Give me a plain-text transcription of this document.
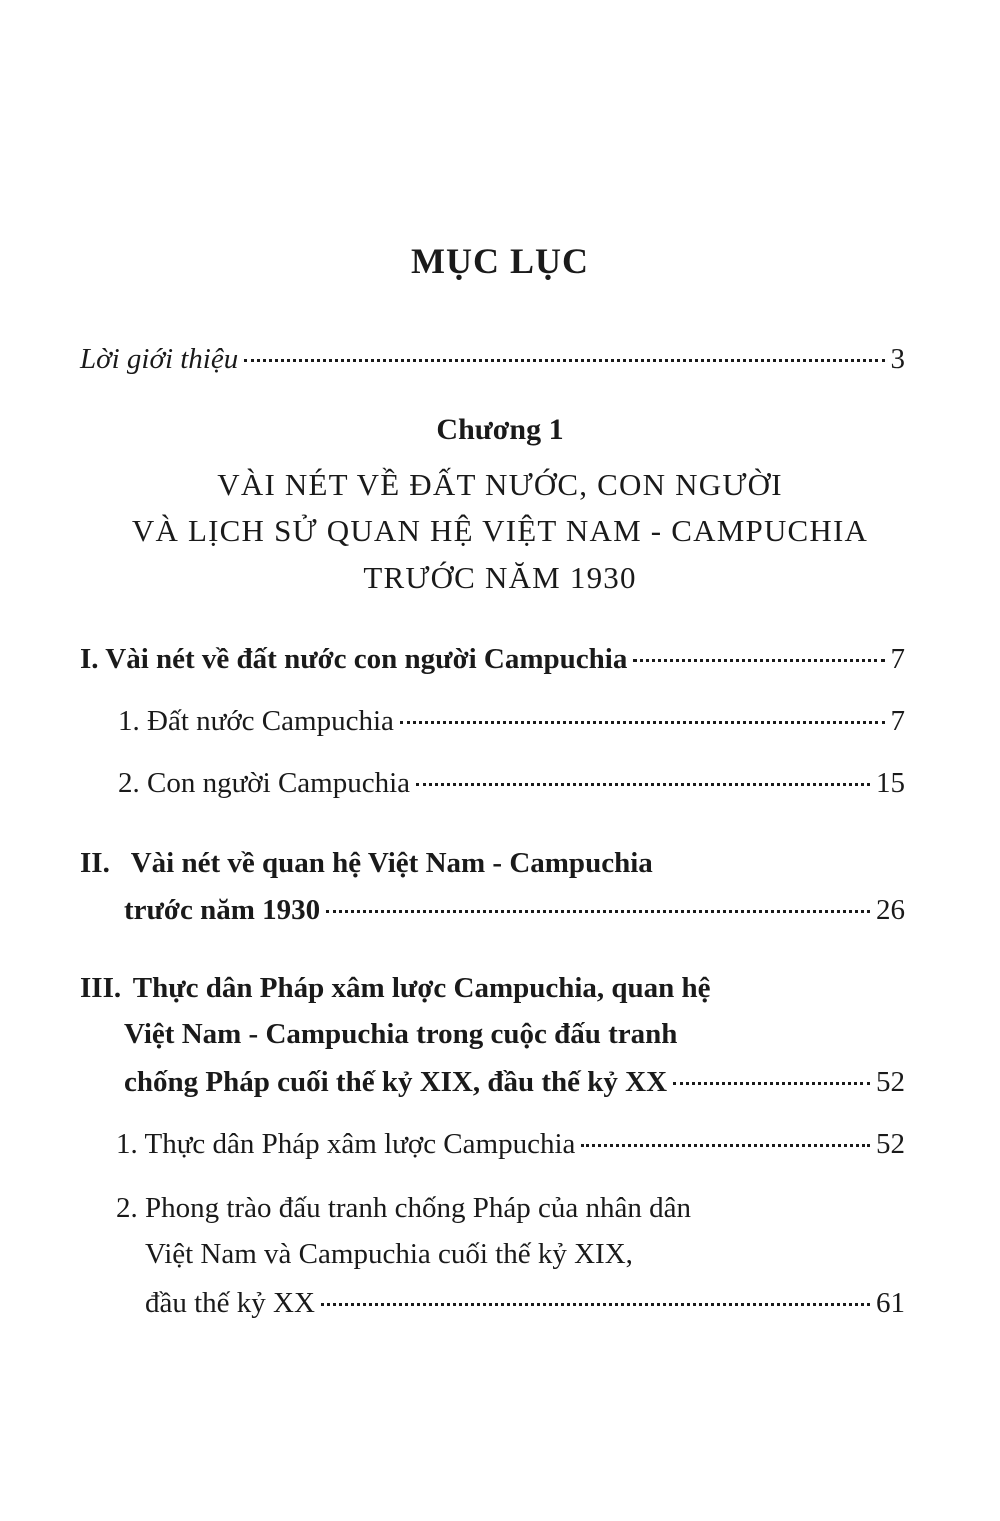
MỤC LỤC
Lời giới thiệu	3
Chương 1
VÀI NÉT VỀ ĐẤT NƯỚC, CON NGƯỜI
VÀ LỊCH SỬ QUAN HỆ VIỆT NAM - CAMPUCHIA
TRƯỚC NĂM 1930
I. Vài nét về đất nước con người Campuchia	7
1. Đất nước Campuchia	7
2. Con người Campuchia	15
II. Vài nét về quan hệ Việt Nam - Campuchia
trước năm 1930	26
III. Thực dân Pháp xâm lược Campuchia, quan hệ
Việt Nam - Campuchia trong cuộc đấu tranh
chống Pháp cuối thế kỷ XIX, đầu thế kỷ XX	52
1. Thực dân Pháp xâm lược Campuchia	52
2. Phong trào đấu tranh chống Pháp của nhân dân
Việt Nam và Campuchia cuối thế kỷ XIX,
đầu thế kỷ XX	61
